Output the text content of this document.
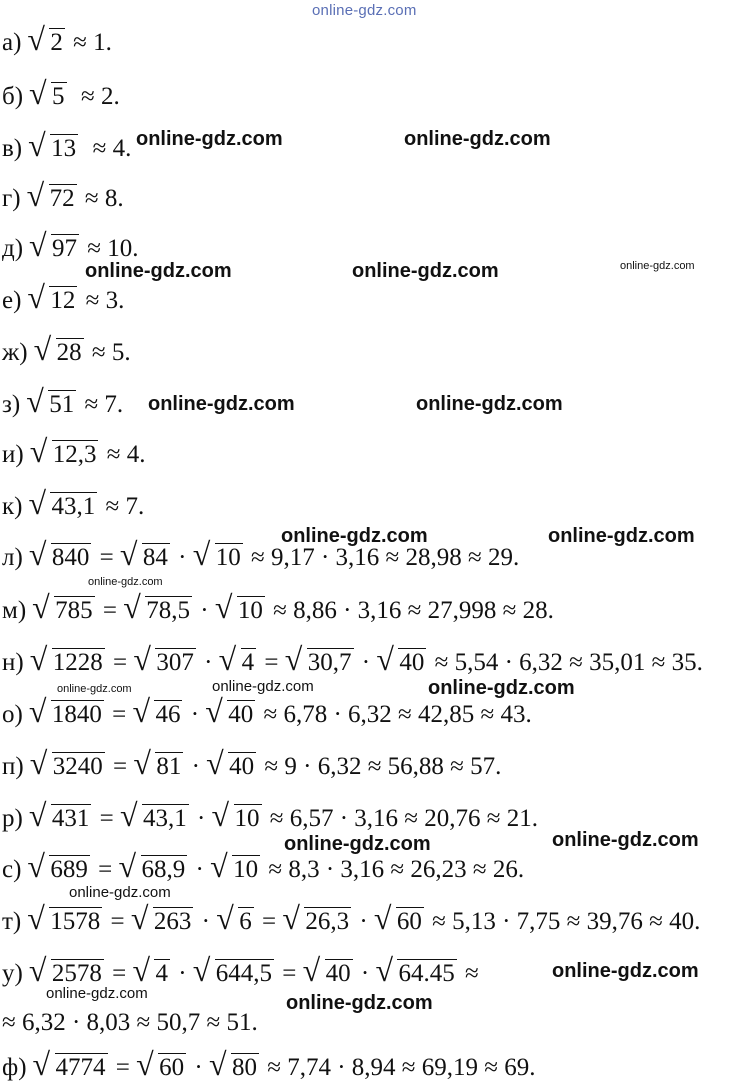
online-gdz.com
а) √ 2 ≈ 1.
б) √ 5  ≈ 2.
в) √ 13  ≈ 4.
г) √ 72 ≈ 8.
д) √ 97 ≈ 10.
е) √ 12 ≈ 3.
ж) √ 28 ≈ 5.
з) √ 51 ≈ 7.
и) √ 12,3 ≈ 4.
к) √ 43,1 ≈ 7.
л) √ 840 = √ 84 · √ 10 ≈ 9,17 · 3,16 ≈ 28,98 ≈ 29.
м) √ 785 = √ 78,5 · √ 10 ≈ 8,86 · 3,16 ≈ 27,998 ≈ 28.
н) √ 1228 = √ 307 · √ 4 = √ 30,7 · √ 40 ≈ 5,54 · 6,32 ≈ 35,01 ≈ 35.
о) √ 1840 = √ 46 · √ 40 ≈ 6,78 · 6,32 ≈ 42,85 ≈ 43.
п) √ 3240 = √ 81 · √ 40 ≈ 9 · 6,32 ≈ 56,88 ≈ 57.
р) √ 431 = √ 43,1 · √ 10 ≈ 6,57 · 3,16 ≈ 20,76 ≈ 21.
с) √ 689 = √ 68,9 · √ 10 ≈ 8,3 · 3,16 ≈ 26,23 ≈ 26.
т) √ 1578 = √ 263 · √ 6 = √ 26,3 · √ 60 ≈ 5,13 · 7,75 ≈ 39,76 ≈ 40.
у) √ 2578 = √ 4 · √ 644,5 = √ 40 · √ 64.45 ≈
≈ 6,32 · 8,03 ≈ 50,7 ≈ 51.
ф) √ 4774 = √ 60 · √ 80 ≈ 7,74 · 8,94 ≈ 69,19 ≈ 69.
online-gdz.com	online-gdz.com
online-gdz.com	online-gdz.com	online-gdz.com
online-gdz.com	online-gdz.com
online-gdz.com	online-gdz.com
online-gdz.com
online-gdz.com	online-gdz.com	online-gdz.com
online-gdz.com	online-gdz.com
online-gdz.com
online-gdz.com
online-gdz.com	online-gdz.com
